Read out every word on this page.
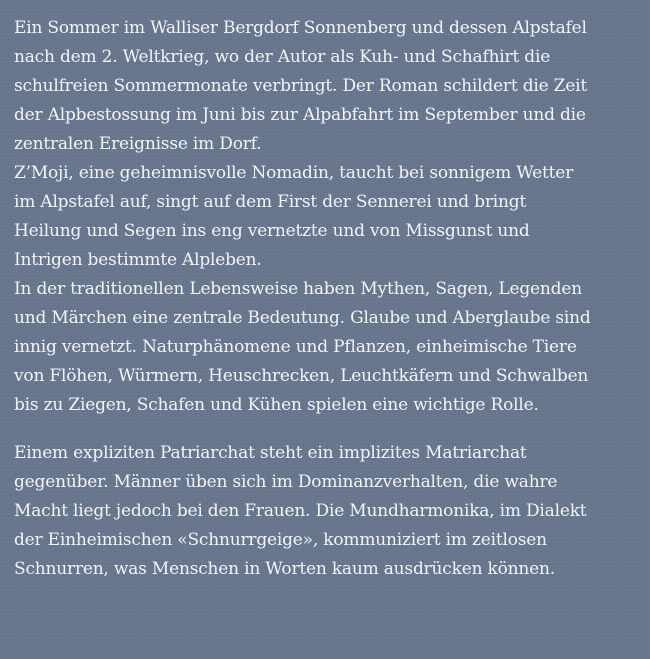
Ein Sommer im Walliser Bergdorf Sonnenberg und dessen Alpstafel
nach dem 2. Weltkrieg, wo der Autor als Kuh- und Schafhirt die
schulfreien Sommermonate verbringt. Der Roman schildert die Zeit
der Alpbestossung im Juni bis zur Alpabfahrt im September und die
zentralen Ereignisse im Dorf.
Z’Moji, eine geheimnisvolle Nomadin, taucht bei sonnigem Wetter
im Alpstafel auf, singt auf dem First der Sennerei und bringt
Heilung und Segen ins eng vernetzte und von Missgunst und
Intrigen bestimmte Alpleben.
In der traditionellen Lebensweise haben Mythen, Sagen, Legenden
und Märchen eine zentrale Bedeutung. Glaube und Aberglaube sind
innig vernetzt. Naturphänomene und Pflanzen, einheimische Tiere
von Flöhen, Würmern, Heuschrecken, Leuchtkäfern und Schwalben
bis zu Ziegen, Schafen und Kühen spielen eine wichtige Rolle.
Einem expliziten Patriarchat steht ein implizites Matriarchat
gegenüber. Männer üben sich im Dominanzverhalten, die wahre
Macht liegt jedoch bei den Frauen. Die Mundharmonika, im Dialekt
der Einheimischen «Schnurrgeige», kommuniziert im zeitlosen
Schnurren, was Menschen in Worten kaum ausdrücken können.
